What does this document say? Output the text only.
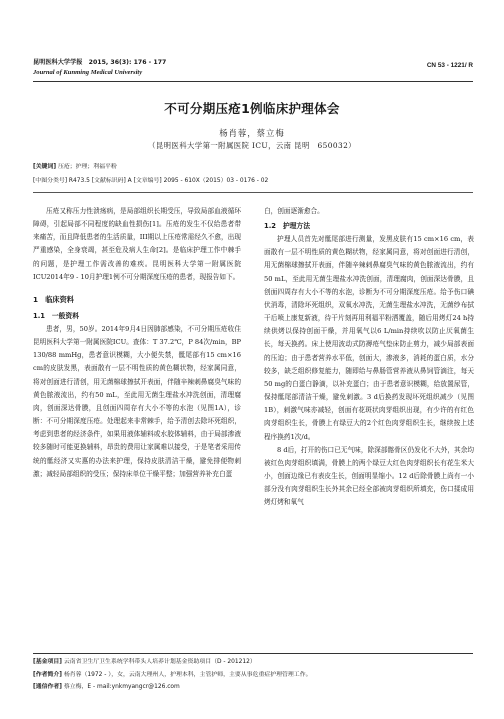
昆明医科大学学报　2015, 36(3): 176 - 177
Journal of Kunming Medical University
CN 53 - 1221/ R
不可分期压疮1例临床护理体会
杨肖蓉，蔡立梅
（昆明医科大学第一附属医院 ICU，云南 昆明　650032）
[关键词] 压疮；护理；利福平粉
[中图分类号] R473.5 [文献标识码] A [文章编号] 2095 - 610X（2015）03 - 0176 - 02

压疮又称压力性溃疡病，是局部组织长期受压，导致局部血液循环障碍，引起局部不同程度的缺血性损伤[1]。压疮的发生不仅给患者带来痛苦，而且降低患者的生活质量，III期以上压疮常需经久不愈，出现严重感染，全身衰竭，甚至危及病人生命[2]。是临床护理工作中棘手的问题，是护理工作需改善的难疾。昆明医科大学第一附属医院ICU2014年9 - 10月护理1例不可分期深度压疮的患者，现报告如下。

1　临床资料

1.1　一般资料

患者，男，50岁。2014年9月4日因肺部感染，不可分期压疮收住昆明医科大学第一附属医院ICU。查体：T 37.2℃，P 84次/min，BP 130/88 mmHg，患者意识模糊，大小便失禁，骶尾部有15 cm×16 cm的皮肤发黑，表面散有一层不明性质的黄色糊状物，经家属同意，将对创面进行清创，用无菌棉球擦拭开表面，伴随辛辣刺鼻腐臭气味的黄色脓液流出，约有50 mL，至此用无菌生理盐水冲洗创面，清理腐肉，创面深达骨膜，且创面四周存有大小不等的水泡（见图1A），诊断：不可分期深度压疮。处理起来非常棘手，给予清创去除坏死组织，考虑到患者的经济条件，如果用液体辅料或水胶体辅料，由于局部渗液较多随时可能更换辅料，昂贵的费用让家属难以接受，于是笔者采用传统的骶经济又实惠的办法来护理，保持皮肤清洁干燥，避免排便物刺激；减轻局部组织的受压；保持床单位干燥平整；加强营养补充白蛋

白，创面逐渐愈合。

1.2　护理方法

护理人员首先对骶尾部进行测量，发黑皮肤有15 cm×16 cm，表面散有一层不明性质的黄色糊状物，经家属同意，将对创面进行清创，用无菌棉球擦拭开表面，伴随辛辣刺鼻腐臭气味的黄色脓液流出，约有50 mL，至此用无菌生理盐水冲洗创面，清理腐肉，创面深达骨膜，且创面四周存有大小不等的水泡，诊断为不可分期深度压疮。给予伤口碘伏消毒，清除坏死组织，双氧水冲洗，无菌生理盐水冲洗，无菌纱布拭干后喷上康复新液，待干片刻再用利福平粉洒覆盖，随后用烤灯24 h持续供烤以保持创面干燥，并用氧气以6 L/min持续吹以防止厌氧菌生长，每天换药。床上使用波动式防褥疮气垫床防止剪力，减少局部表面的压迫；由于患者营养水平低，创面大，渗液多，消耗的蛋白质，水分较多，缺乏组织修复能力，随即给与鼻肠管营养液从鼻饲管滴注，每天50 mg的白蛋白静滴，以补充蛋白；由于患者意识模糊，给放置尿管，保持骶尾部清洁干燥，避免刺激。3 d后换药发现坏死组织减少（见图1B），刺激气味亦减轻，创面有花斑状肉芽组织出现，有少许的有红色肉芽组织生长，骨膜上有绿豆大的2个红色肉芽组织生长，继续按上述程序换药1次/d。

8 d后，打开的伤口已无气味，除深部髂骨区仍发化不大外，其余均被红色肉芽组织填满，骨膜上的两个绿豆大红色肉芽组织长有花生米大小，创面边缘已有表皮生长，创面明显缩小。12 d后除骨膜上尚有一小部分没有肉芽组织生长外其余已经全部被肉芽组织所填充，伤口揉成用烤灯烤和氧气

[基金项目] 云南省卫生厅卫生系统学科带头人培养计划基金资助项目（D - 201212）
[作者简介] 杨肖蓉（1972 - ），女，云南大理州人，护理本科，主管护师，主要从事危重症护理管理工作。
[通信作者] 蔡立梅，E - mail:ynkmyangcr@126.com
